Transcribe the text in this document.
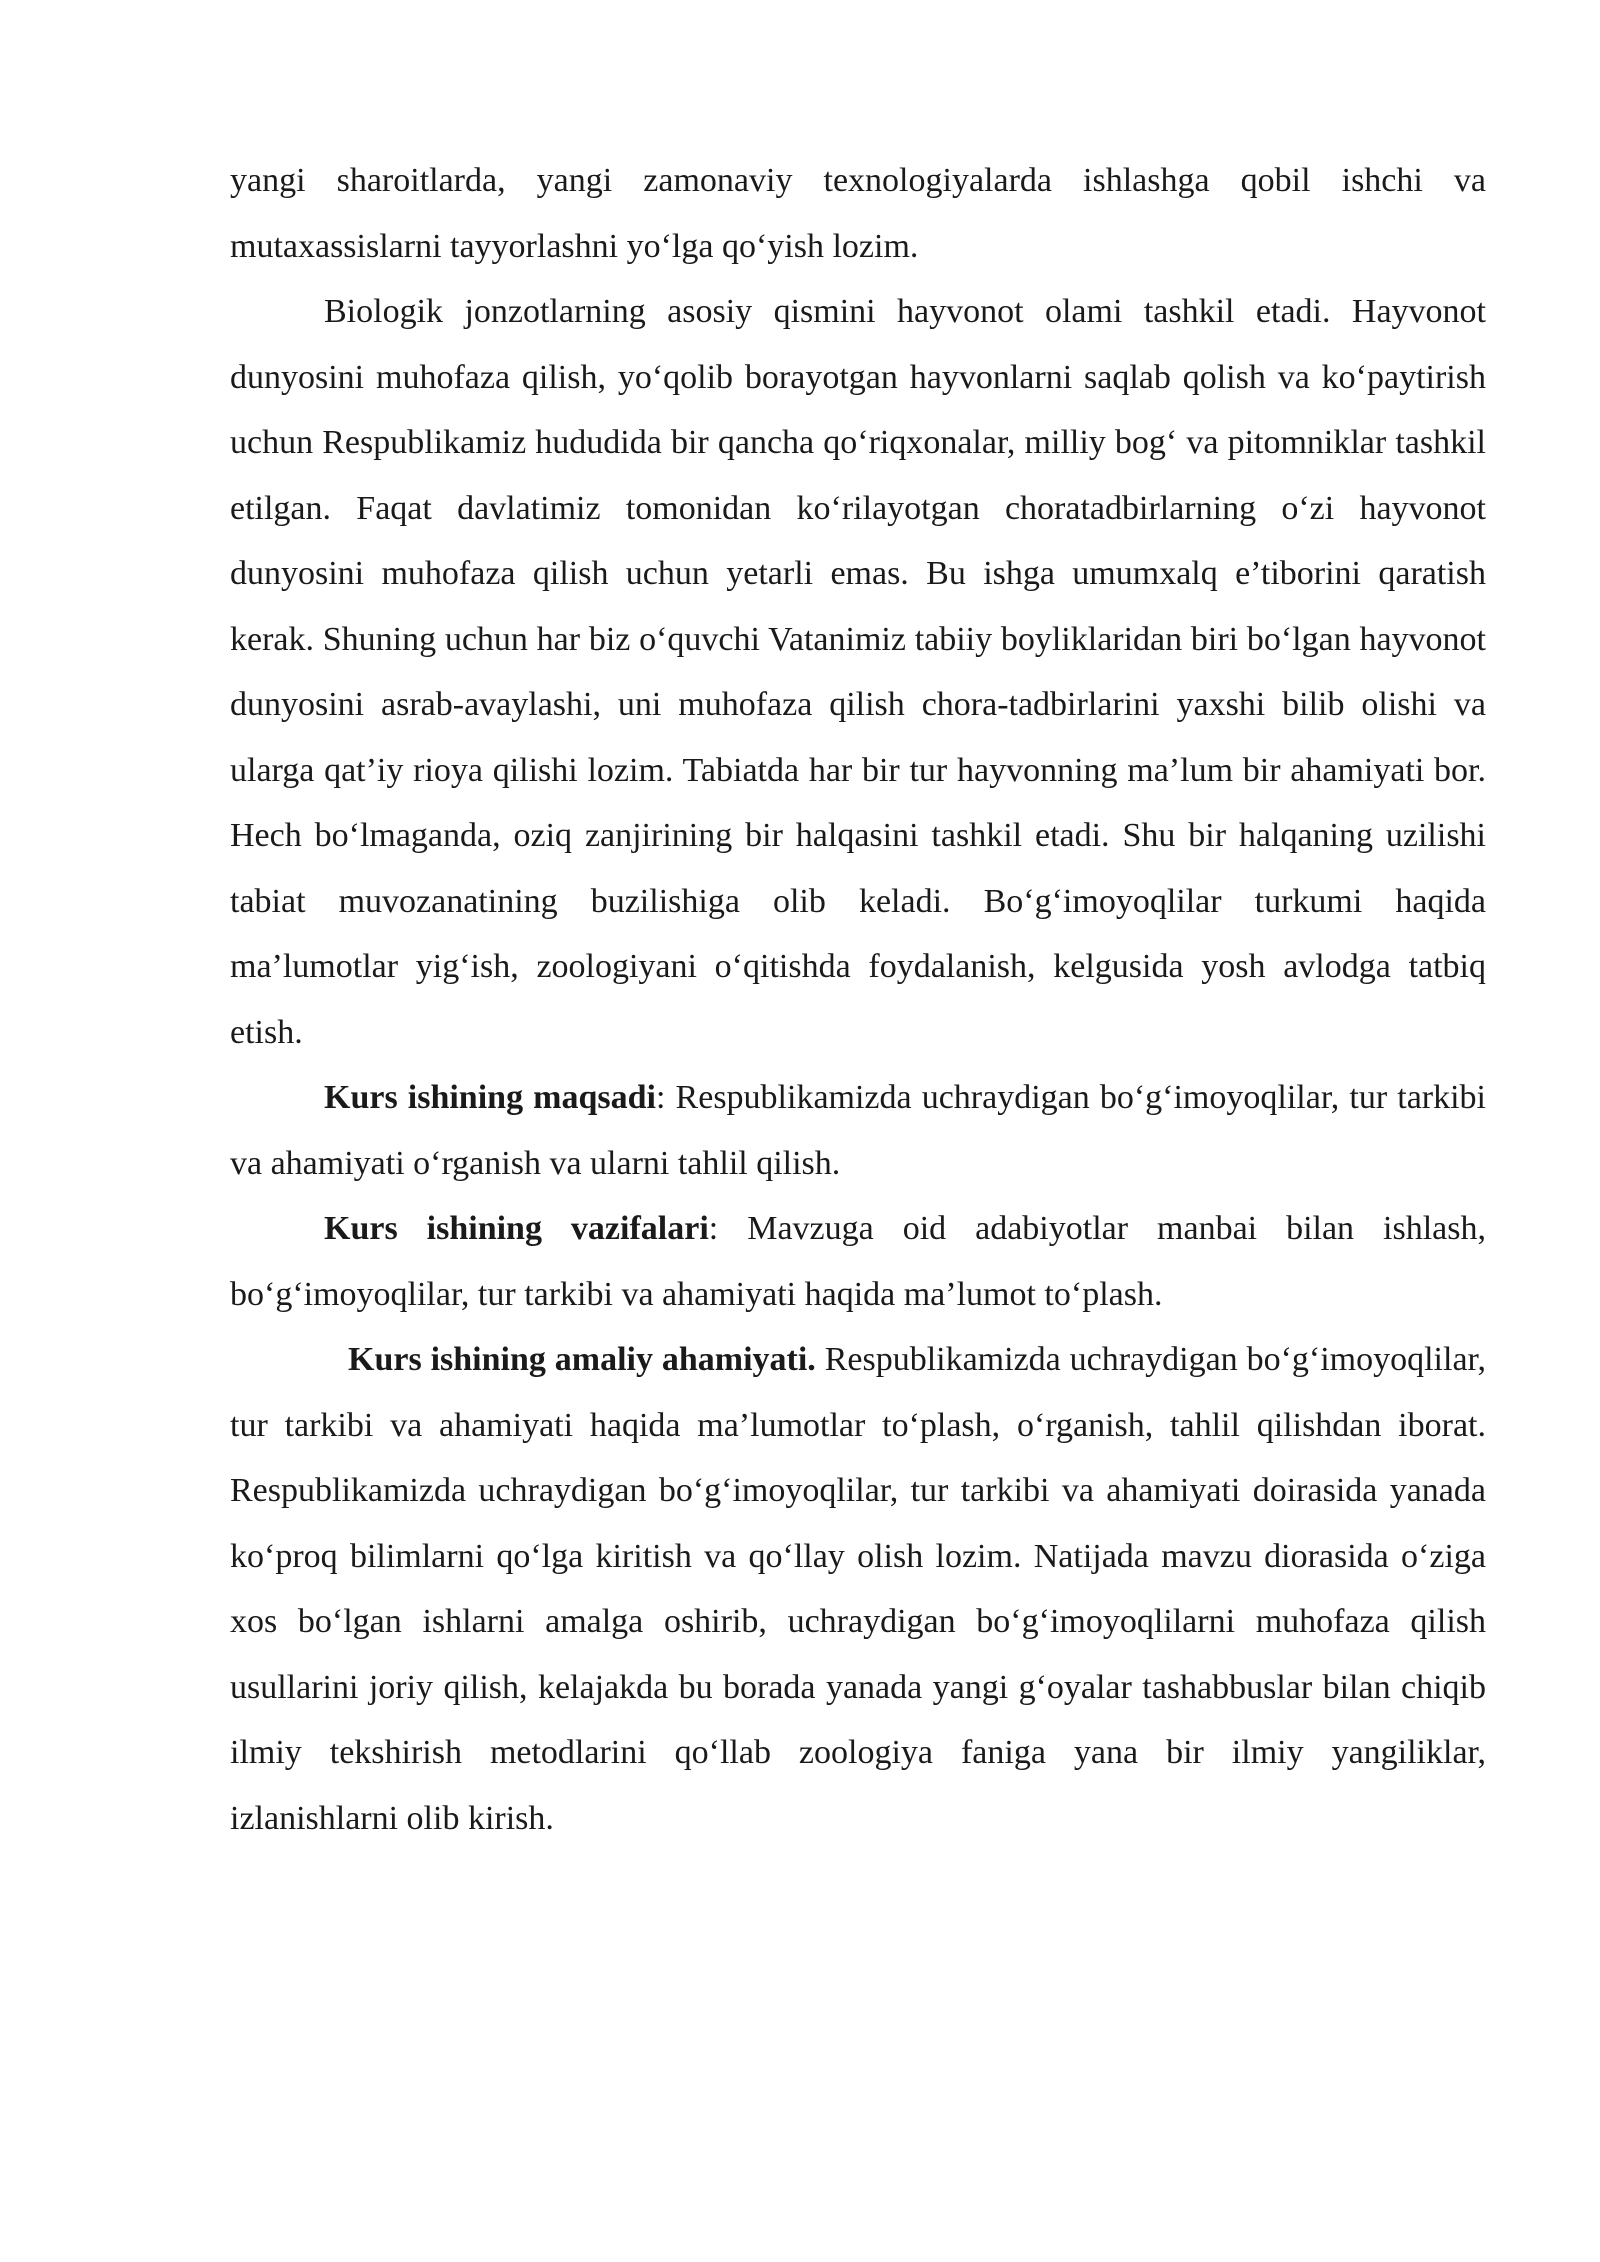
yangi sharoitlarda, yangi zamonaviy texnologiyalarda ishlashga qobil ishchi va mutaxassislarni tayyorlashni yo‘lga qo‘yish lozim.

Biologik jonzotlarning asosiy qismini hayvonot olami tashkil etadi. Hayvonot dunyosini muhofaza qilish, yo‘qolib borayotgan hayvonlarni saqlab qolish va ko‘paytirish uchun Respublikamiz hududida bir qancha qo‘riqxonalar, milliy bog‘ va pitomniklar tashkil etilgan. Faqat davlatimiz tomonidan ko‘rilayotgan choratadbirlarning o‘zi hayvonot dunyosini muhofaza qilish uchun yetarli emas. Bu ishga umumxalq e’tiborini qaratish kerak. Shuning uchun har biz o‘quvchi Vatanimiz tabiiy boyliklaridan biri bo‘lgan hayvonot dunyosini asrab-avaylashi, uni muhofaza qilish chora-tadbirlarini yaxshi bilib olishi va ularga qat’iy rioya qilishi lozim. Tabiatda har bir tur hayvonning ma’lum bir ahamiyati bor. Hech bo‘lmaganda, oziq zanjirining bir halqasini tashkil etadi. Shu bir halqaning uzilishi tabiat muvozanatining buzilishiga olib keladi. Bo‘g‘imoyoqlilar turkumi haqida ma’lumotlar yig‘ish, zoologiyani o‘qitishda foydalanish, kelgusida yosh avlodga tatbiq etish.

Kurs ishining maqsadi: Respublikamizda uchraydigan bo‘g‘imoyoqlilar, tur tarkibi va ahamiyati o‘rganish va ularni tahlil qilish.

Kurs ishining vazifalari: Mavzuga oid adabiyotlar manbai bilan ishlash, bo‘g‘imoyoqlilar, tur tarkibi va ahamiyati haqida ma’lumot to‘plash.

Kurs ishining amaliy ahamiyati. Respublikamizda uchraydigan bo‘g‘imoyoqlilar, tur tarkibi va ahamiyati haqida ma’lumotlar to‘plash, o‘rganish, tahlil qilishdan iborat. Respublikamizda uchraydigan bo‘g‘imoyoqlilar, tur tarkibi va ahamiyati doirasida yanada ko‘proq bilimlarni qo‘lga kiritish va qo‘llay olish lozim. Natijada mavzu diorasida o‘ziga xos bo‘lgan ishlarni amalga oshirib, uchraydigan bo‘g‘imoyoqlilarni muhofaza qilish usullarini joriy qilish, kelajakda bu borada yanada yangi g‘oyalar tashabbuslar bilan chiqib ilmiy tekshirish metodlarini qo‘llab zoologiya faniga yana bir ilmiy yangiliklar, izlanishlarni olib kirish.
